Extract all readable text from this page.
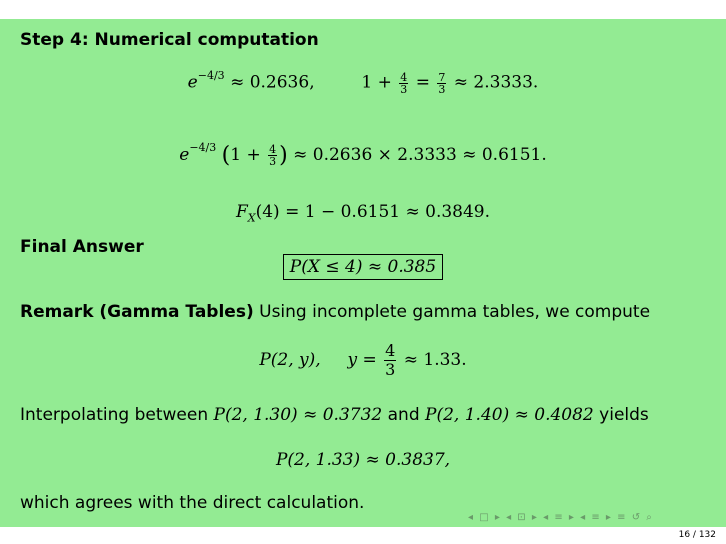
Step 4: Numerical computation
$e^{-4/3} \approx 0.2636$,	$1 + \frac{4}{3} = \frac{7}{3} \approx 2.3333$.
$e^{-4/3}$ ($1 + \frac{4}{3}$ ) ≈ 0.2636 × 2.3333 ≈ 0.6151.
$F_X(4) = 1 - 0.6151 \approx 0.3849$.
Final Answer
P(X ≤ 4) ≈ 0.385
Remark (Gamma Tables) Using incomplete gamma tables, we compute
P(2, y), $y = \frac{4}{3} \approx 1.33$.
Interpolating between P(2, 1.30) ≈ 0.3732 and P(2, 1.40) ≈ 0.4082 yields
P(2, 1.33) ≈ 0.3837,
which agrees with the direct calculation.
◂ □ ▸ ◂ ⊡ ▸ ◂ ≡ ▸ ◂ ≡ ▸ ≡ ↺ ⌕
16 / 132
